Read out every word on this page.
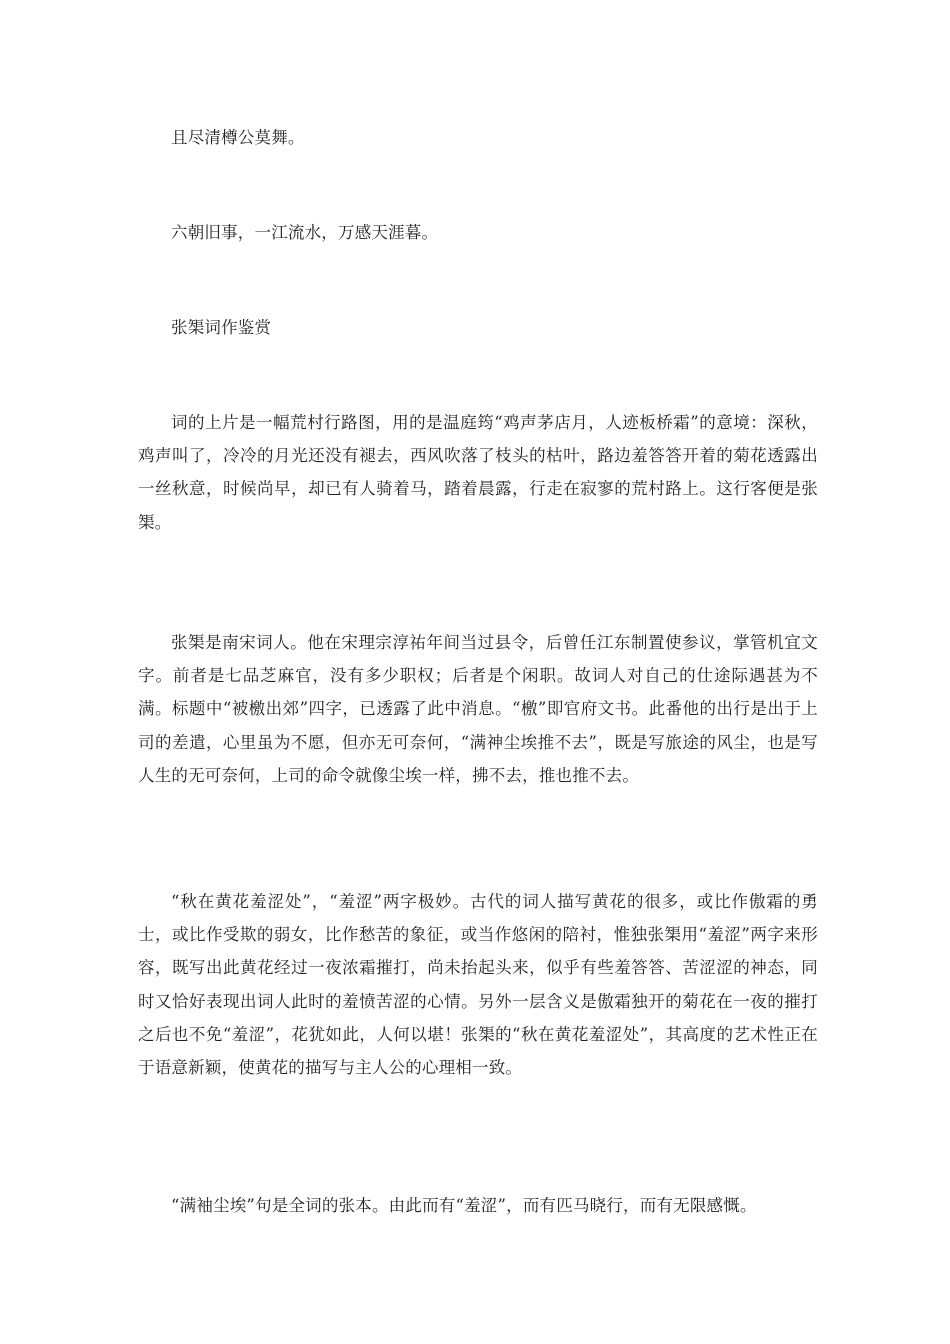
且尽清樽公莫舞。

六朝旧事，一江流水，万感天涯暮。

张榘词作鉴赏

词的上片是一幅荒村行路图，用的是温庭筠“鸡声茅店月，人迹板桥霜”的意境：深秋，鸡声叫了，冷冷的月光还没有褪去，西风吹落了枝头的枯叶，路边羞答答开着的菊花透露出一丝秋意，时候尚早，却已有人骑着马，踏着晨露，行走在寂寥的荒村路上。这行客便是张榘。

张榘是南宋词人。他在宋理宗淳祐年间当过县令，后曾任江东制置使参议，掌管机宜文字。前者是七品芝麻官，没有多少职权；后者是个闲职。故词人对自己的仕途际遇甚为不满。标题中“被檄出郊”四字，已透露了此中消息。“檄”即官府文书。此番他的出行是出于上司的差遣，心里虽为不愿，但亦无可奈何，“满神尘埃推不去”，既是写旅途的风尘，也是写人生的无可奈何，上司的命令就像尘埃一样，拂不去，推也推不去。

“秋在黄花羞涩处”，“羞涩”两字极妙。古代的词人描写黄花的很多，或比作傲霜的勇士，或比作受欺的弱女，比作愁苦的象征，或当作悠闲的陪衬，惟独张榘用“羞涩”两字来形容，既写出此黄花经过一夜浓霜摧打，尚未抬起头来，似乎有些羞答答、苦涩涩的神态，同时又恰好表现出词人此时的羞愤苦涩的心情。另外一层含义是傲霜独开的菊花在一夜的摧打之后也不免“羞涩”，花犹如此，人何以堪！张榘的“秋在黄花羞涩处”，其高度的艺术性正在于语意新颖，使黄花的描写与主人公的心理相一致。

“满袖尘埃”句是全词的张本。由此而有“羞涩”，而有匹马晓行，而有无限感慨。
